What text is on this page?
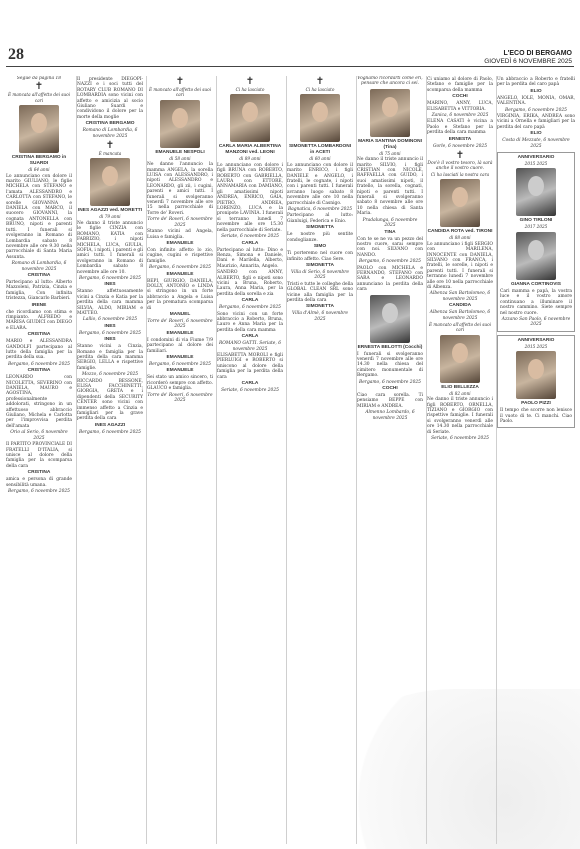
28	L'ECO DI BERGAMO
GIOVEDÌ 6 NOVEMBRE 2025
Segue da pagina 18
✝
È mancata all'affetto dei suoi cari
CRISTINA BERGAMO in SUARDI
di 64 anni

Lo annunciano con dolore il marito GIULIANO, le figlie MICHELA con STEFANO e l'amata ALESSANDRO e CARLOTTA con STEFANO, le sorelle GIOVANNA e DANIELA con MARCO, il suocero GIOVANNI, la cognata ANTONELLA con BRUNO, nipoti e parenti tutti. I funerali si svolgeranno in Romano di Lombardia sabato 8 novembre alle ore 9.30 nella parrocchiale di Santa Maria Assunta.

Romano di Lombardia, 6 novembre 2025

CRISTINA

Partecipano al lutto: Alberto Mazzoleni, Patrizia, Cinzia e famiglia, Con infinita tristezza, Giancarlo Barbieri.

IRENE

che ricordiamo con stima e rimpianto. ALFREDO e MARISA GIUDICI con DIEGO e ELARA.

CRISTINA

MARIO e ALESSANDRA GANDOLFI partecipano al lutto della famiglia per la perdita della sua.

Bergamo, 6 novembre 2025

CRISTINA

LEONARDO con NICOLETTA, SEVERINO con DANIELA, MAURO e AGOSTINA, professionalmente addolorati, stringono in un affettuoso abbraccio Giuliano, Michela e Carlotta per l'improvvisa perdita dell'amata

Orio al Serio, 6 novembre 2025

Il PARTITO PROVINCIALE DI FRATELLI D'ITALIA, si unisce al dolore della famiglia per la scomparsa della cara

CRISTINA

amica e persona di grande sensibilità umana.

Bergamo, 6 novembre 2025

Il presidente DIEGOPI-NAZZI e i soci tutti del ROTARY CLUB ROMANO DI LOMBARDIA sono vicini con affetto e amicizia al socio Giuliano Suardi e condividono il dolore per la morte della moglie

CRISTINA BERGAMO

Romano di Lombardia, 6 novembre 2025

✝
È mancata
INES AGAZZI ved. MORETTI
di 79 anni

Ne danno il triste annuncio le figlie CINZIA con ROMANO, KATIA con FABRIZIO, i nipoti MICHELA, LUCA, GIULIA, SOFIA, i nipoti, i parenti e gli amici tutti. I funerali si svolgeranno in Romano di Lombardia sabato 8 novembre alle ore 10.

Bergamo, 6 novembre 2025

INES

Stanno affettuosamente vicini a Cinzia e Katia per la perdita della cara mamma SILVIA, ALDO, MIRIAM e MATTEO.

Lallio, 6 novembre 2025

INES

Bergamo, 6 novembre 2025

INES

Stanno vicini a Cinzia, Romano e famiglia per la perdita della cara mamma SERGIO, LELLA e rispettive famiglie.

Mozzo, 6 novembre 2025

RICCARDO BESSONE, ELISA FACCHINETTI, GIORGIA, GRETA e i dipendenti della SECURITY CENTER sono vicini con immenso affetto a Cinzia e famigliari per la grave perdita della cara

INES AGAZZI

Bergamo, 6 novembre 2025

✝
È mancato all'affetto dei suoi cari
EMANUELE NESPOLI
di 58 anni

Ne danno l'annuncio la mamma ANGELA, la sorella LUISA con ALESSANDRO, i nipoti ALESSANDRO e LEONARDO, gli zii, i cugini, parenti e amici tutti. I funerali si svolgeranno venerdì 7 novembre alle ore 15 nella parrocchiale di Torre de' Roveri.

Torre de' Roveri, 6 novembre 2025

Stanno vicini ad Angela, Luisa e famiglia.

EMANUELE

Con infinito affetto lo zio, cugine, cugini e rispettive famiglie.

Bergamo, 6 novembre 2025

EMANUELE

BEPI, GIURGIO, DANIELA, DOLLY, ANTONIO e LINDA si stringono in un forte abbraccio a Angela e Luisa per la prematura scomparsa di

MANUEL

Torre de' Roveri, 6 novembre 2025

EMANUELE

I condomini di via Fiume 7/9 partecipano al dolore dei familiari.

EMANUELE

Bergamo, 6 novembre 2025

EMANUELE

Sei stato un amico sincero, ti ricorderò sempre con affetto. GLAUCO e famiglia.

Torre de' Roveri, 6 novembre 2025

✝
Ci ha lasciato
CARLA MARIA ALBERTINA MANZONI ved. LEONI
di 89 anni

Lo annunciano con dolore i figli BRUNA con ROBERTO, ROBERTO con GABRIELLA, LAURA con ETTORE, ANNAMARIA con DAMIANO, gli amatissimi nipoti ANDREA, ENRICO, GAIA, PIETRO, ANDREA, LORENZO, LUCA e la pronipote LAVINIA. I funerali si terranno lunedì 7 novembre alle ore 15.30 nella parrocchiale di Seriate.

Seriate, 6 novembre 2025

CARLA

Partecipano al lutto: Dino e Renza, Simona e Daniele, Dani e Marilella, Alberto, Maurizio, Annarita, Angelo.

SANDRO con ANNY, ALBERTO, figli e nipoti sono vicini a Bruna, Roberto, Laura, Anna Maria, per la perdita della sorella e zia

CARLA

Bergamo, 6 novembre 2025

Sono vicini con un forte abbraccio a Roberto, Bruna, Lauro e Anna Maria per la perdita della cara mamma

CARLA

ROMANO GATTI. Seriate, 6 novembre 2025

ELISABETTA MOROLI e figli PIERLUIGI e ROBERTO si uniscono al dolore della famiglia per la perdita della cara

CARLA

Seriate, 6 novembre 2025

✝
Ci ha lasciato
SIMONETTA LOMBARDONI in ACETI
di 60 anni

Lo annunciano con dolore il marito ENRICO, i figli DANIELE e ANGELO, i fratelli, le cognate, i nipoti con i parenti tutti. I funerali avranno luogo sabato 8 novembre alle ore 10 nella parrocchiale di Casnigo.

Bagnatica, 6 novembre 2025

Partecipano al lutto: Gianluigi, Federica e Enio.

SIMONETTA

Le nostre più sentite condoglianze.

SIMO

Ti porteremo nel cuore con infinito affetto. Ciao Sere.

SIMONETTA

Villa di Serio, 6 novembre 2025

Tristi e tutte le colleghe della GLOBAL CLEAN SRL sono vicine alla famiglia per la perdita della cara

SIMONETTA

Villa d'Almè, 6 novembre 2025

Vogliamo ricordarti come eri, pensare che ancora ci sei.
MARIA SANTINA DOMINONI (Tina)
di 75 anni

Ne danno il triste annuncio il marito SILVIO, i figli CRISTIAN con NICOLE, RAFFAELLA con GUIDO, i suoi amatissimi nipoti, il fratello, la sorella, cognati, nipoti e parenti tutti. I funerali si svolgeranno sabato 8 novembre alle ore 10 nella chiesa di Santa Maria.

Pradalunga, 6 novembre 2025

TINA

Con te se ne va un pezzo del nostro cuore, sarai sempre con noi. SILVANO con NANDO.

Bergamo, 6 novembre 2025

PAOLO con MICHELA e FERNANDO, STEFANO con SARA e LEONARDO annunciano la perdita della cara

ERNESTA BELOTTI (Cocchi)

I funerali si svolgeranno venerdì 7 novembre alle ore 14.30 nella chiesa del cimitero monumentale di Bergamo.

Bergamo, 6 novembre 2025

COCHI

Ciao cara sorella. Ti pensiamo BEPPE con MIRIAM e ANDREA.

Almenno Lombardo, 6 novembre 2025

Ci uniamo al dolore di Paolo, Stefano e famiglie per la scomparsa della mamma

COCHI

MARINO, ANNY, LUCA, ELISABETTA e VITTORIA.

Zanica, 6 novembre 2025

ELENA CASATI è vicina a Paolo e Stefano per la perdita della cara mamma

ERNESTA

Gorle, 6 novembre 2025

✝
Dov'è il vostro tesoro, là sarà anche il vostro cuore.
Ci ha lasciati la nostra cara
CANDIDA ROTA ved. TIRONI
di 88 anni

Lo annunciano i figli SERGIO con MARILENA, INNOCENTE con DANIELA, SILVANO con FRANCA, i fratelli, le sorelle, i nipoti e parenti tutti. I funerali si terranno lunedì 7 novembre alle ore 10 nella parrocchiale di Albenza.

Albenza San Bartolomeo, 6 novembre 2025

CANDIDA

Albenza San Bartolomeo, 6 novembre 2025

È mancato all'affetto dei suoi cari
ELIO BELLEZZA
di 82 anni

Ne danno il triste annuncio i figli ROBERTO, ORNELLA, TIZIANO e GIORGIO con rispettive famiglie. I funerali si svolgeranno venerdì alle ore 14.30 nella parrocchiale di Seriate.

Seriate, 6 novembre 2025

Un abbraccio a Roberto e fratelli per la perdita del caro papà

ELIO

ANGELO, IOLE, MONIA, OMAR, VALENTINA.

Bergamo, 6 novembre 2025

VIRGINIA, ERIKA, ANDREA sono vicini a Ornella e famigliari per la perdita del caro papà

ELIO

Costa di Mezzate, 6 novembre 2025

ANNIVERSARIO
2015 2025
GINO TIRLONI
2017 2025
GIANNA CORTINOVIS

Cari mamma e papà, la vostra luce e il vostro amore continuano a illuminare il nostro cammino. Siete sempre nel nostro cuore.

Azzano San Paolo, 6 novembre 2025

ANNIVERSARIO
2015 2025
PAOLO PIZZI

Il tempo che scorre non lenisce il vuoto di te. Ci manchi. Ciao Paolo.
